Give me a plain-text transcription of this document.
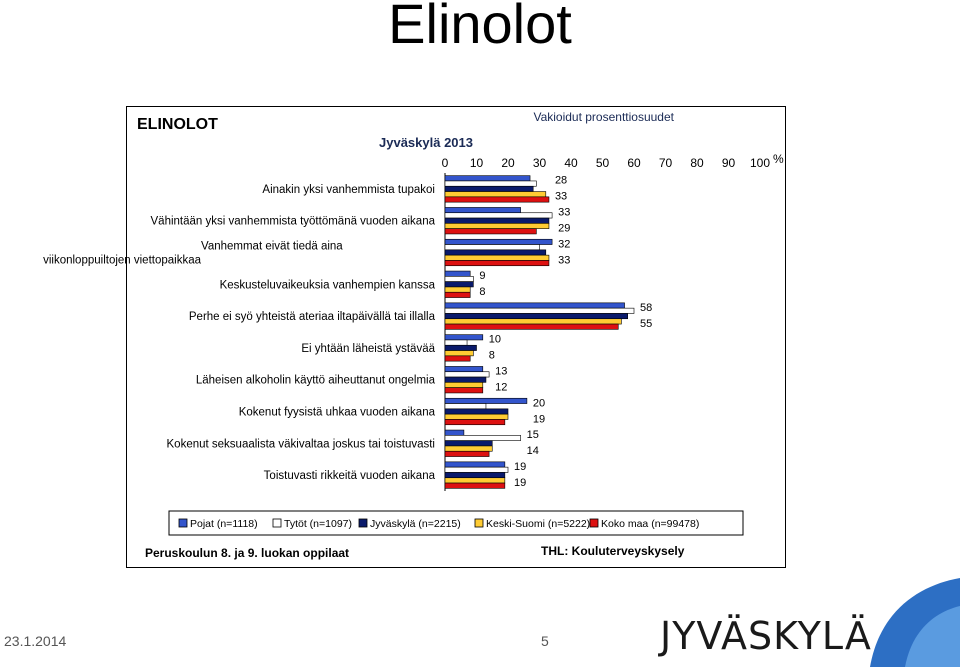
Elinolot
ELINOLOT
Jyväskylä 2013
Vakioidut prosenttiosuudet
%
0 10 20 30 40 50 60 70 80 90 100
Ainakin yksi vanhemmista tupakoi
Vähintään yksi vanhemmista työttömänä vuoden aikana
Vanhemmat eivät tiedä aina viikonloppuiltojen viettopaikkaa
Keskusteluvaikeuksia vanhempien kanssa
Perhe ei syö yhteistä ateriaa iltapäivällä tai illalla
Ei yhtään läheistä ystävää
Läheisen alkoholin käyttö aiheuttanut ongelmia
Kokenut fyysistä uhkaa vuoden aikana
Kokenut seksuaalista väkivaltaa joskus tai toistuvasti
Toistuvasti rikkeitä vuoden aikana
28
33
33
29
32
33
9
8
58
55
10
8
13
12
20
19
15
14
19
19
Pojat (n=1118)	Tytöt (n=1097) Jyväskylä (n=2215) Keski-Suomi (n=5222) Koko maa (n=99478)
Peruskoulun 8. ja 9. luokan oppilaat	THL: Kouluterveyskysely
23.1.2014	5	JYVÄSKYLÄ
